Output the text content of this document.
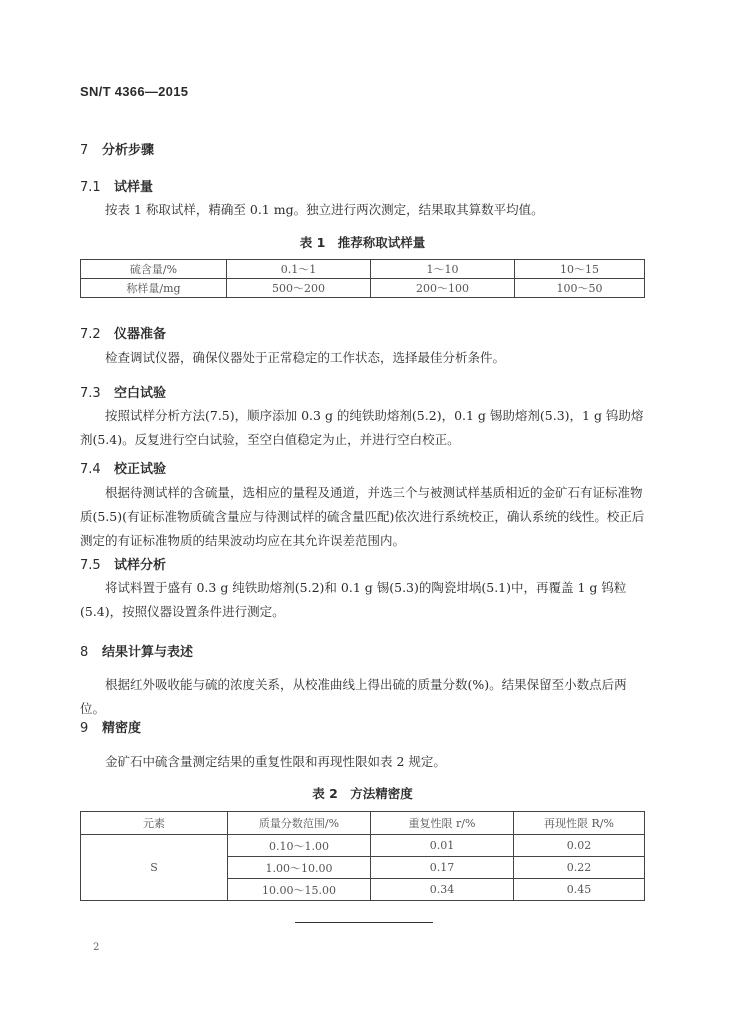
SN/T 4366—2015
7 分析步骤
7.1 试样量
按表 1 称取试样，精确至 0.1 mg。独立进行两次测定，结果取其算数平均值。
表 1　推荐称取试样量
硫含量/%	0.1～1	1～10	10～15
称样量/mg	500～200	200～100	100～50
7.2 仪器准备
检查调试仪器，确保仪器处于正常稳定的工作状态，选择最佳分析条件。
7.3 空白试验
按照试样分析方法(7.5)，顺序添加 0.3 g 的纯铁助熔剂(5.2)，0.1 g 锡助熔剂(5.3)，1 g 钨助熔剂(5.4)。反复进行空白试验，至空白值稳定为止，并进行空白校正。
7.4 校正试验
根据待测试样的含硫量，选相应的量程及通道，并选三个与被测试样基质相近的金矿石有证标准物质(5.5)(有证标准物质硫含量应与待测试样的硫含量匹配)依次进行系统校正，确认系统的线性。校正后测定的有证标准物质的结果波动均应在其允许误差范围内。
7.5 试样分析
将试料置于盛有 0.3 g 纯铁助熔剂(5.2)和 0.1 g 锡(5.3)的陶瓷坩埚(5.1)中，再覆盖 1 g 钨粒(5.4)，按照仪器设置条件进行测定。
8 结果计算与表述
根据红外吸收能与硫的浓度关系，从校准曲线上得出硫的质量分数(%)。结果保留至小数点后两位。
9 精密度
金矿石中硫含量测定结果的重复性限和再现性限如表 2 规定。
表 2　方法精密度
元素	质量分数范围/%	重复性限 r/%	再现性限 R/%
S	0.10～1.00	0.01	0.02
	1.00～10.00	0.17	0.22
	10.00～15.00	0.34	0.45
2
